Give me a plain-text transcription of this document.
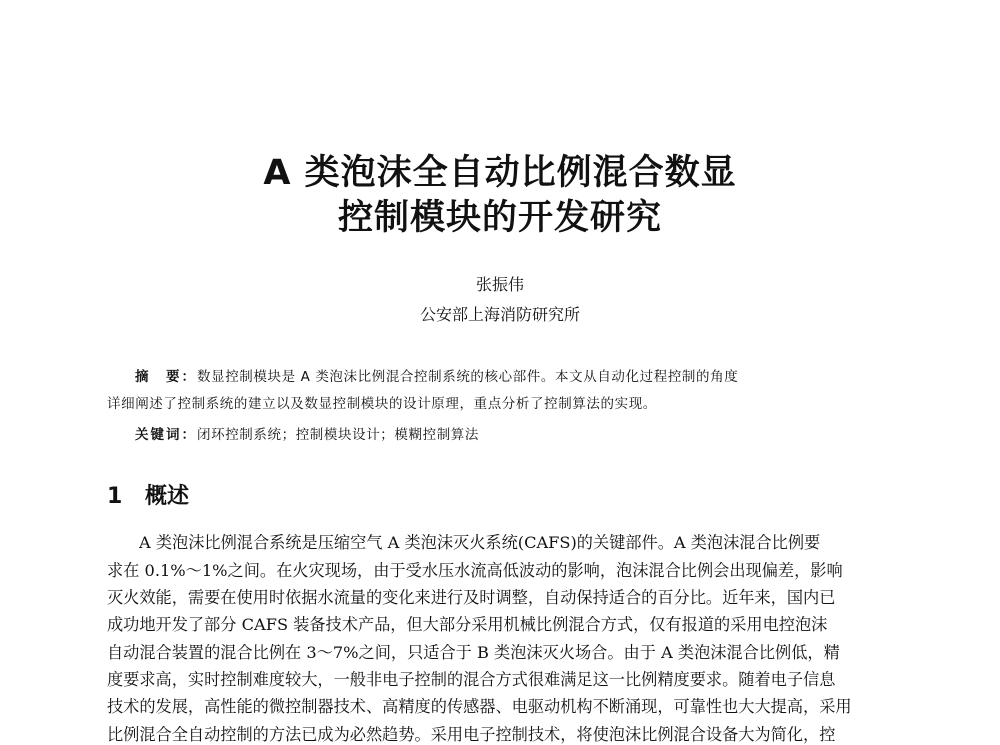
A 类泡沫全自动比例混合数显
控制模块的开发研究
张振伟
公安部上海消防研究所
摘　要：数显控制模块是 A 类泡沫比例混合控制系统的核心部件。本文从自动化过程控制的角度
详细阐述了控制系统的建立以及数显控制模块的设计原理，重点分析了控制算法的实现。
关键词：闭环控制系统；控制模块设计；模糊控制算法
1 概述
A 类泡沫比例混合系统是压缩空气 A 类泡沫灭火系统(CAFS)的关键部件。A 类泡沫混合比例要
求在 0.1%～1%之间。在火灾现场，由于受水压水流高低波动的影响，泡沫混合比例会出现偏差，影响
灭火效能，需要在使用时依据水流量的变化来进行及时调整，自动保持适合的百分比。近年来，国内已
成功地开发了部分 CAFS 装备技术产品，但大部分采用机械比例混合方式，仅有报道的采用电控泡沫
自动混合装置的混合比例在 3～7%之间，只适合于 B 类泡沫灭火场合。由于 A 类泡沫混合比例低，精
度要求高，实时控制难度较大，一般非电子控制的混合方式很难满足这一比例精度要求。随着电子信息
技术的发展，高性能的微控制器技术、高精度的传感器、电驱动机构不断涌现，可靠性也大大提高，采用
比例混合全自动控制的方法已成为必然趋势。采用电子控制技术，将使泡沫比例混合设备大为简化，控
